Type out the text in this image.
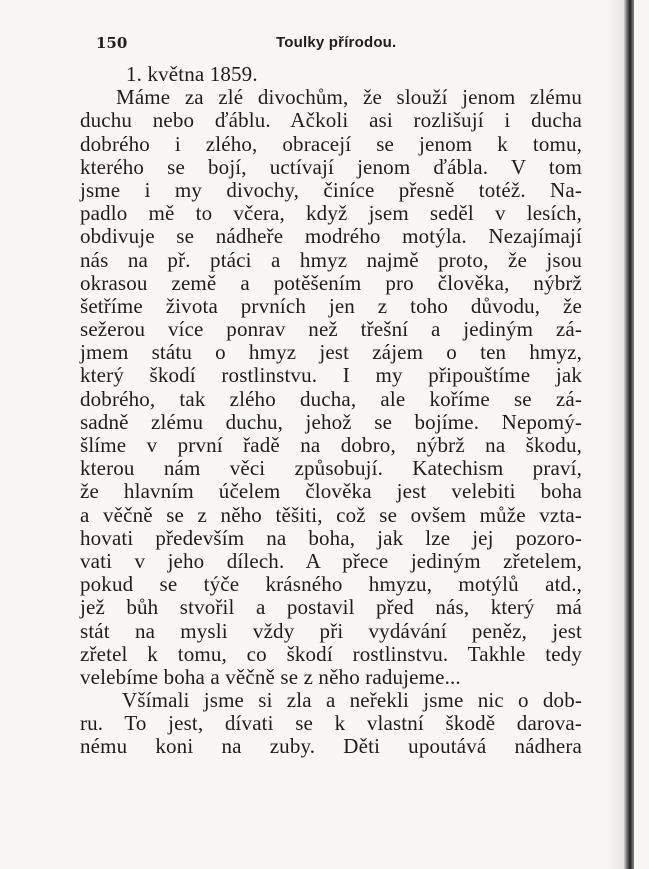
150	Toulky přírodou.
1. května 1859.
Máme za zlé divochům, že slouží jenom zlému
duchu nebo ďáblu. Ačkoli asi rozlišují i ducha
dobrého i zlého, obracejí se jenom k tomu,
kterého se bojí, uctívají jenom ďábla. V tom
jsme i my divochy, činíce přesně totéž. Na-
padlo mě to včera, když jsem seděl v lesích,
obdivuje se nádheře modrého motýla. Nezajímají
nás na př. ptáci a hmyz najmě proto, že jsou
okrasou země a potěšením pro člověka, nýbrž
šetříme života prvních jen z toho důvodu, že
sežerou více ponrav než třešní a jediným zá-
jmem státu o hmyz jest zájem o ten hmyz,
který škodí rostlinstvu. I my připouštíme jak
dobrého, tak zlého ducha, ale koříme se zá-
sadně zlému duchu, jehož se bojíme. Nepomý-
šlíme v první řadě na dobro, nýbrž na škodu,
kterou nám věci způsobují. Katechism praví,
že hlavním účelem člověka jest velebiti boha
a věčně se z něho těšiti, což se ovšem může vzta-
hovati především na boha, jak lze jej pozoro-
vati v jeho dílech. A přece jediným zřetelem,
pokud se týče krásného hmyzu, motýlů atd.,
jež bůh stvořil a postavil před nás, který má
stát na mysli vždy při vydávání peněz, jest
zřetel k tomu, co škodí rostlinstvu. Takhle tedy
velebíme boha a věčně se z něho radujeme...
Všímali jsme si zla a neřekli jsme nic o dob-
ru. To jest, dívati se k vlastní škodě darova-
nému koni na zuby. Děti upoutává nádhera
